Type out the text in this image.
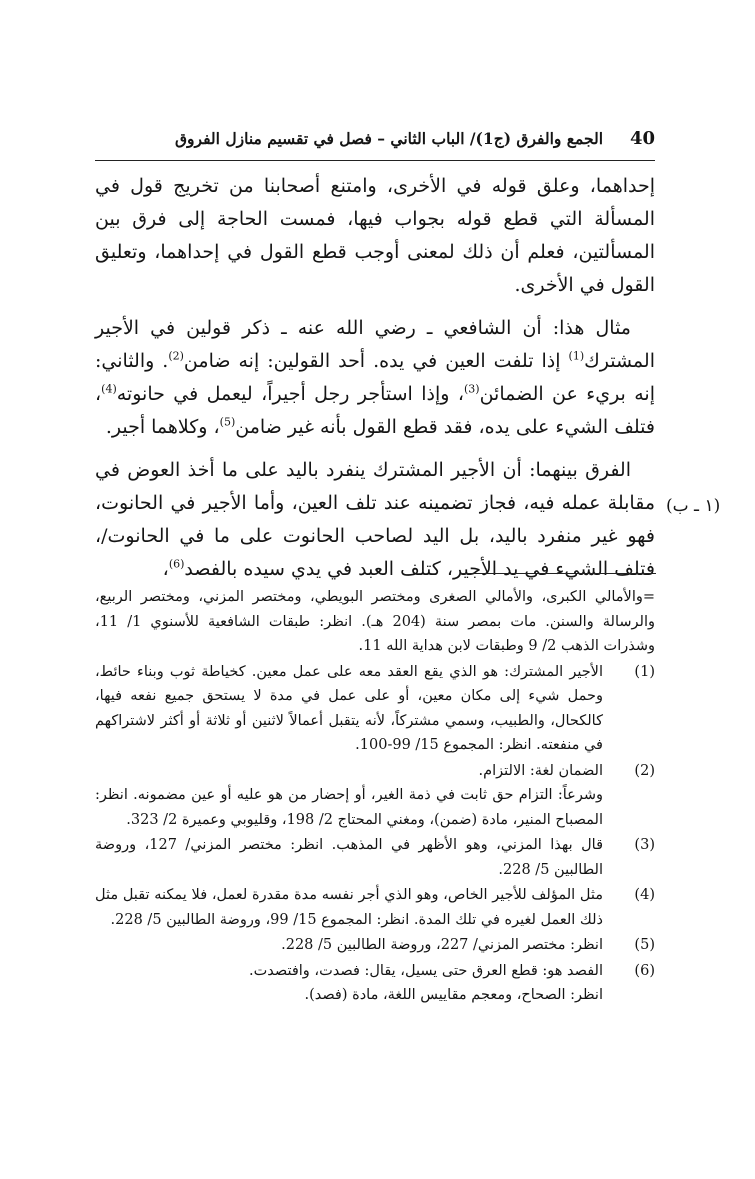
40
الجمع والفرق (ج1)/ الباب الثاني – فصل في تقسيم منازل الفروق

إحداهما، وعلق قوله في الأخرى، وامتنع أصحابنا من تخريج قول في المسألة التي قطع قوله بجواب فيها، فمست الحاجة إلى فرق بين المسألتين، فعلم أن ذلك لمعنى أوجب قطع القول في إحداهما، وتعليق القول في الأخرى.

مثال هذا: أن الشافعي ـ رضي الله عنه ـ ذكر قولين في الأجير المشترك$^{(1)}$ إذا تلفت العين في يده. أحد القولين: إنه ضامن$^{(2)}$. والثاني: إنه بريء عن الضمائن$^{(3)}$، وإذا استأجر رجل أجيراً، ليعمل في حانوته$^{(4)}$، فتلف الشيء على يده، فقد قطع القول بأنه غير ضامن$^{(5)}$، وكلاهما أجير.

الفرق بينهما: أن الأجير المشترك ينفرد باليد على ما أخذ العوض في مقابلة عمله فيه، فجاز تضمينه عند تلف العين، وأما الأجير في الحانوت، فهو غير منفرد باليد، بل اليد لصاحب الحانوت على ما في الحانوت/، فتلف الشيء في يد الأجير، كتلف العبد في يدي سيده بالفصد$^{(6)}$،

(١ ـ ب)

=والأمالي الكبرى، والأمالي الصغرى ومختصر البويطي، ومختصر المزني، ومختصر الربيع، والرسالة والسنن. مات بمصر سنة (204 هـ). انظر: طبقات الشافعية للأسنوي 1/ 11، وشذرات الذهب 2/ 9 وطبقات لابن هداية الله 11.

(1)
الأجير المشترك: هو الذي يقع العقد معه على عمل معين. كخياطة ثوب وبناء حائط، وحمل شيء إلى مكان معين، أو على عمل في مدة لا يستحق جميع نفعه فيها، كالكحال، والطبيب، وسمي مشتركاً، لأنه يتقبل أعمالاً لاثنين أو ثلاثة أو أكثر لاشتراكهم في منفعته. انظر: المجموع 15/ 99-100.
(2)
الضمان لغة: الالتزام.
وشرعاً: التزام حق ثابت في ذمة الغير، أو إحضار من هو عليه أو عين مضمونه. انظر: المصباح المنير، مادة (ضمن)، ومغني المحتاج 2/ 198، وقليوبي وعميرة 2/ 323.
(3)
قال بهذا المزني، وهو الأظهر في المذهب. انظر: مختصر المزني/ 127، وروضة الطالبين 5/ 228.
(4)
مثل المؤلف للأجير الخاص، وهو الذي أجر نفسه مدة مقدرة لعمل، فلا يمكنه تقبل مثل ذلك العمل لغيره في تلك المدة. انظر: المجموع 15/ 99، وروضة الطالبين 5/ 228.
(5)
انظر: مختصر المزني/ 227، وروضة الطالبين 5/ 228.
(6)
الفصد هو: قطع العرق حتى يسيل، يقال: فصدت، وافتصدت.
انظر: الصحاح، ومعجم مقاييس اللغة، مادة (فصد).
